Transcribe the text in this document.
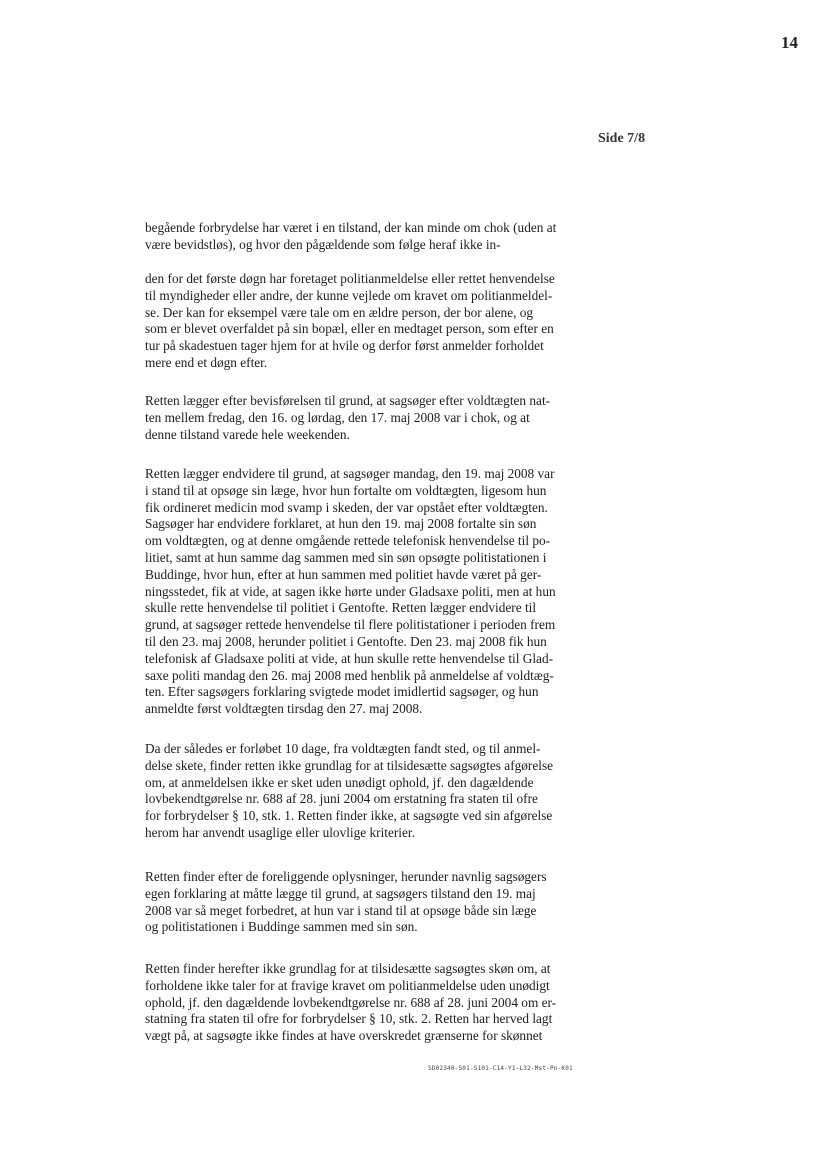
14
Side 7/8
begående forbrydelse har været i en tilstand, der kan minde om chok (uden at
være bevidstløs), og hvor den pågældende som følge heraf ikke in-
den for det første døgn har foretaget politianmeldelse eller rettet henvendelse
til myndigheder eller andre, der kunne vejlede om kravet om politianmeldel-
se. Der kan for eksempel være tale om en ældre person, der bor alene, og
som er blevet overfaldet på sin bopæl, eller en medtaget person, som efter en
tur på skadestuen tager hjem for at hvile og derfor først anmelder forholdet
mere end et døgn efter.
Retten lægger efter bevisførelsen til grund, at sagsøger efter voldtægten nat-
ten mellem fredag, den 16. og lørdag, den 17. maj 2008 var i chok, og at
denne tilstand varede hele weekenden.
Retten lægger endvidere til grund, at sagsøger mandag, den 19. maj 2008 var
i stand til at opsøge sin læge, hvor hun fortalte om voldtægten, ligesom hun
fik ordineret medicin mod svamp i skeden, der var opstået efter voldtægten.
Sagsøger har endvidere forklaret, at hun den 19. maj 2008 fortalte sin søn
om voldtægten, og at denne omgående rettede telefonisk henvendelse til po-
litiet, samt at hun samme dag sammen med sin søn opsøgte politistationen i
Buddinge, hvor hun, efter at hun sammen med politiet havde været på ger-
ningsstedet, fik at vide, at sagen ikke hørte under Gladsaxe politi, men at hun
skulle rette henvendelse til politiet i Gentofte. Retten lægger endvidere til
grund, at sagsøger rettede henvendelse til flere politistationer i perioden frem
til den 23. maj 2008, herunder politiet i Gentofte. Den 23. maj 2008 fik hun
telefonisk af Gladsaxe politi at vide, at hun skulle rette henvendelse til Glad-
saxe politi mandag den 26. maj 2008 med henblik på anmeldelse af voldtæg-
ten. Efter sagsøgers forklaring svigtede modet imidlertid sagsøger, og hun
anmeldte først voldtægten tirsdag den 27. maj 2008.
Da der således er forløbet 10 dage, fra voldtægten fandt sted, og til anmel-
delse skete, finder retten ikke grundlag for at tilsidesætte sagsøgtes afgørelse
om, at anmeldelsen ikke er sket uden unødigt ophold, jf. den dagældende
lovbekendtgørelse nr. 688 af 28. juni 2004 om erstatning fra staten til ofre
for forbrydelser § 10, stk. 1. Retten finder ikke, at sagsøgte ved sin afgørelse
herom har anvendt usaglige eller ulovlige kriterier.
Retten finder efter de foreliggende oplysninger, herunder navnlig sagsøgers
egen forklaring at måtte lægge til grund, at sagsøgers tilstand den 19. maj
2008 var så meget forbedret, at hun var i stand til at opsøge både sin læge
og politistationen i Buddinge sammen med sin søn.
Retten finder herefter ikke grundlag for at tilsidesætte sagsøgtes skøn om, at
forholdene ikke taler for at fravige kravet om politianmeldelse uden unødigt
ophold, jf. den dagældende lovbekendtgørelse nr. 688 af 28. juni 2004 om er-
statning fra staten til ofre for forbrydelser § 10, stk. 2. Retten har herved lagt
vægt på, at sagsøgte ikke findes at have overskredet grænserne for skønnet
SD02340-S01-S101-C14-Y1-L32-Mst-Pn-K01
